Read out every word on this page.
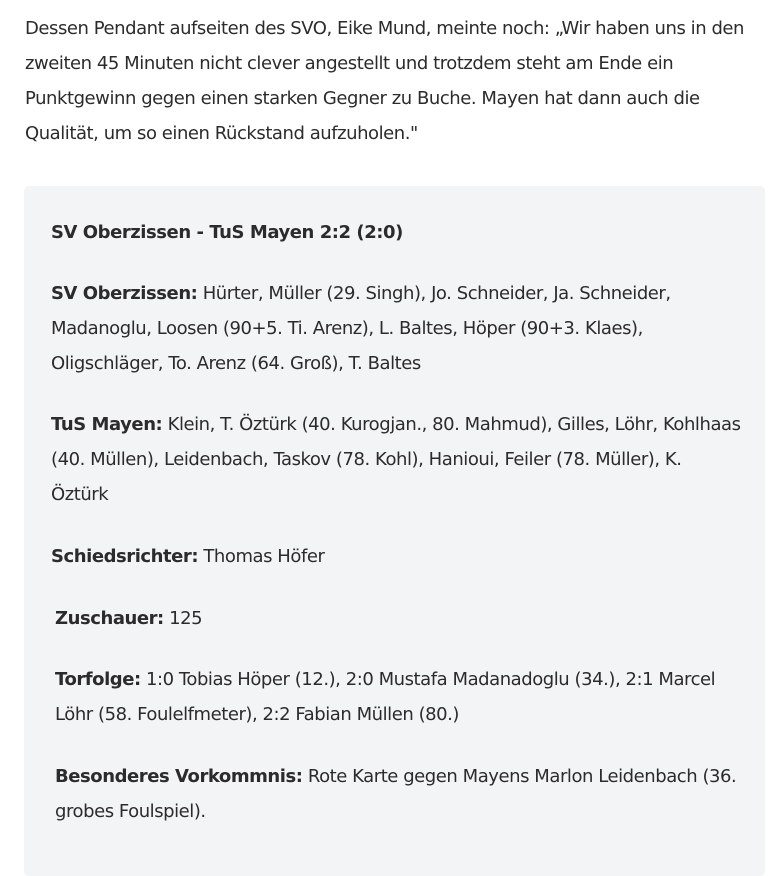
Dessen Pendant aufseiten des SVO, Eike Mund, meinte noch: „Wir haben uns in den zweiten 45 Minuten nicht clever angestellt und trotzdem steht am Ende ein Punktgewinn gegen einen starken Gegner zu Buche. Mayen hat dann auch die Qualität, um so einen Rückstand aufzuholen."

SV Oberzissen - TuS Mayen 2:2 (2:0)

SV Oberzissen: Hürter, Müller (29. Singh), Jo. Schneider, Ja. Schneider, Madanoglu, Loosen (90+5. Ti. Arenz), L. Baltes, Höper (90+3. Klaes), Oligschläger, To. Arenz (64. Groß), T. Baltes

TuS Mayen: Klein, T. Öztürk (40. Kurogjan., 80. Mahmud), Gilles, Löhr, Kohlhaas (40. Müllen), Leidenbach, Taskov (78. Kohl), Hanioui, Feiler (78. Müller), K. Öztürk

Schiedsrichter: Thomas Höfer

Zuschauer: 125

Torfolge: 1:0 Tobias Höper (12.), 2:0 Mustafa Madanadoglu (34.), 2:1 Marcel Löhr (58. Foulelfmeter), 2:2 Fabian Müllen (80.)

Besonderes Vorkommnis: Rote Karte gegen Mayens Marlon Leidenbach (36. grobes Foulspiel).
